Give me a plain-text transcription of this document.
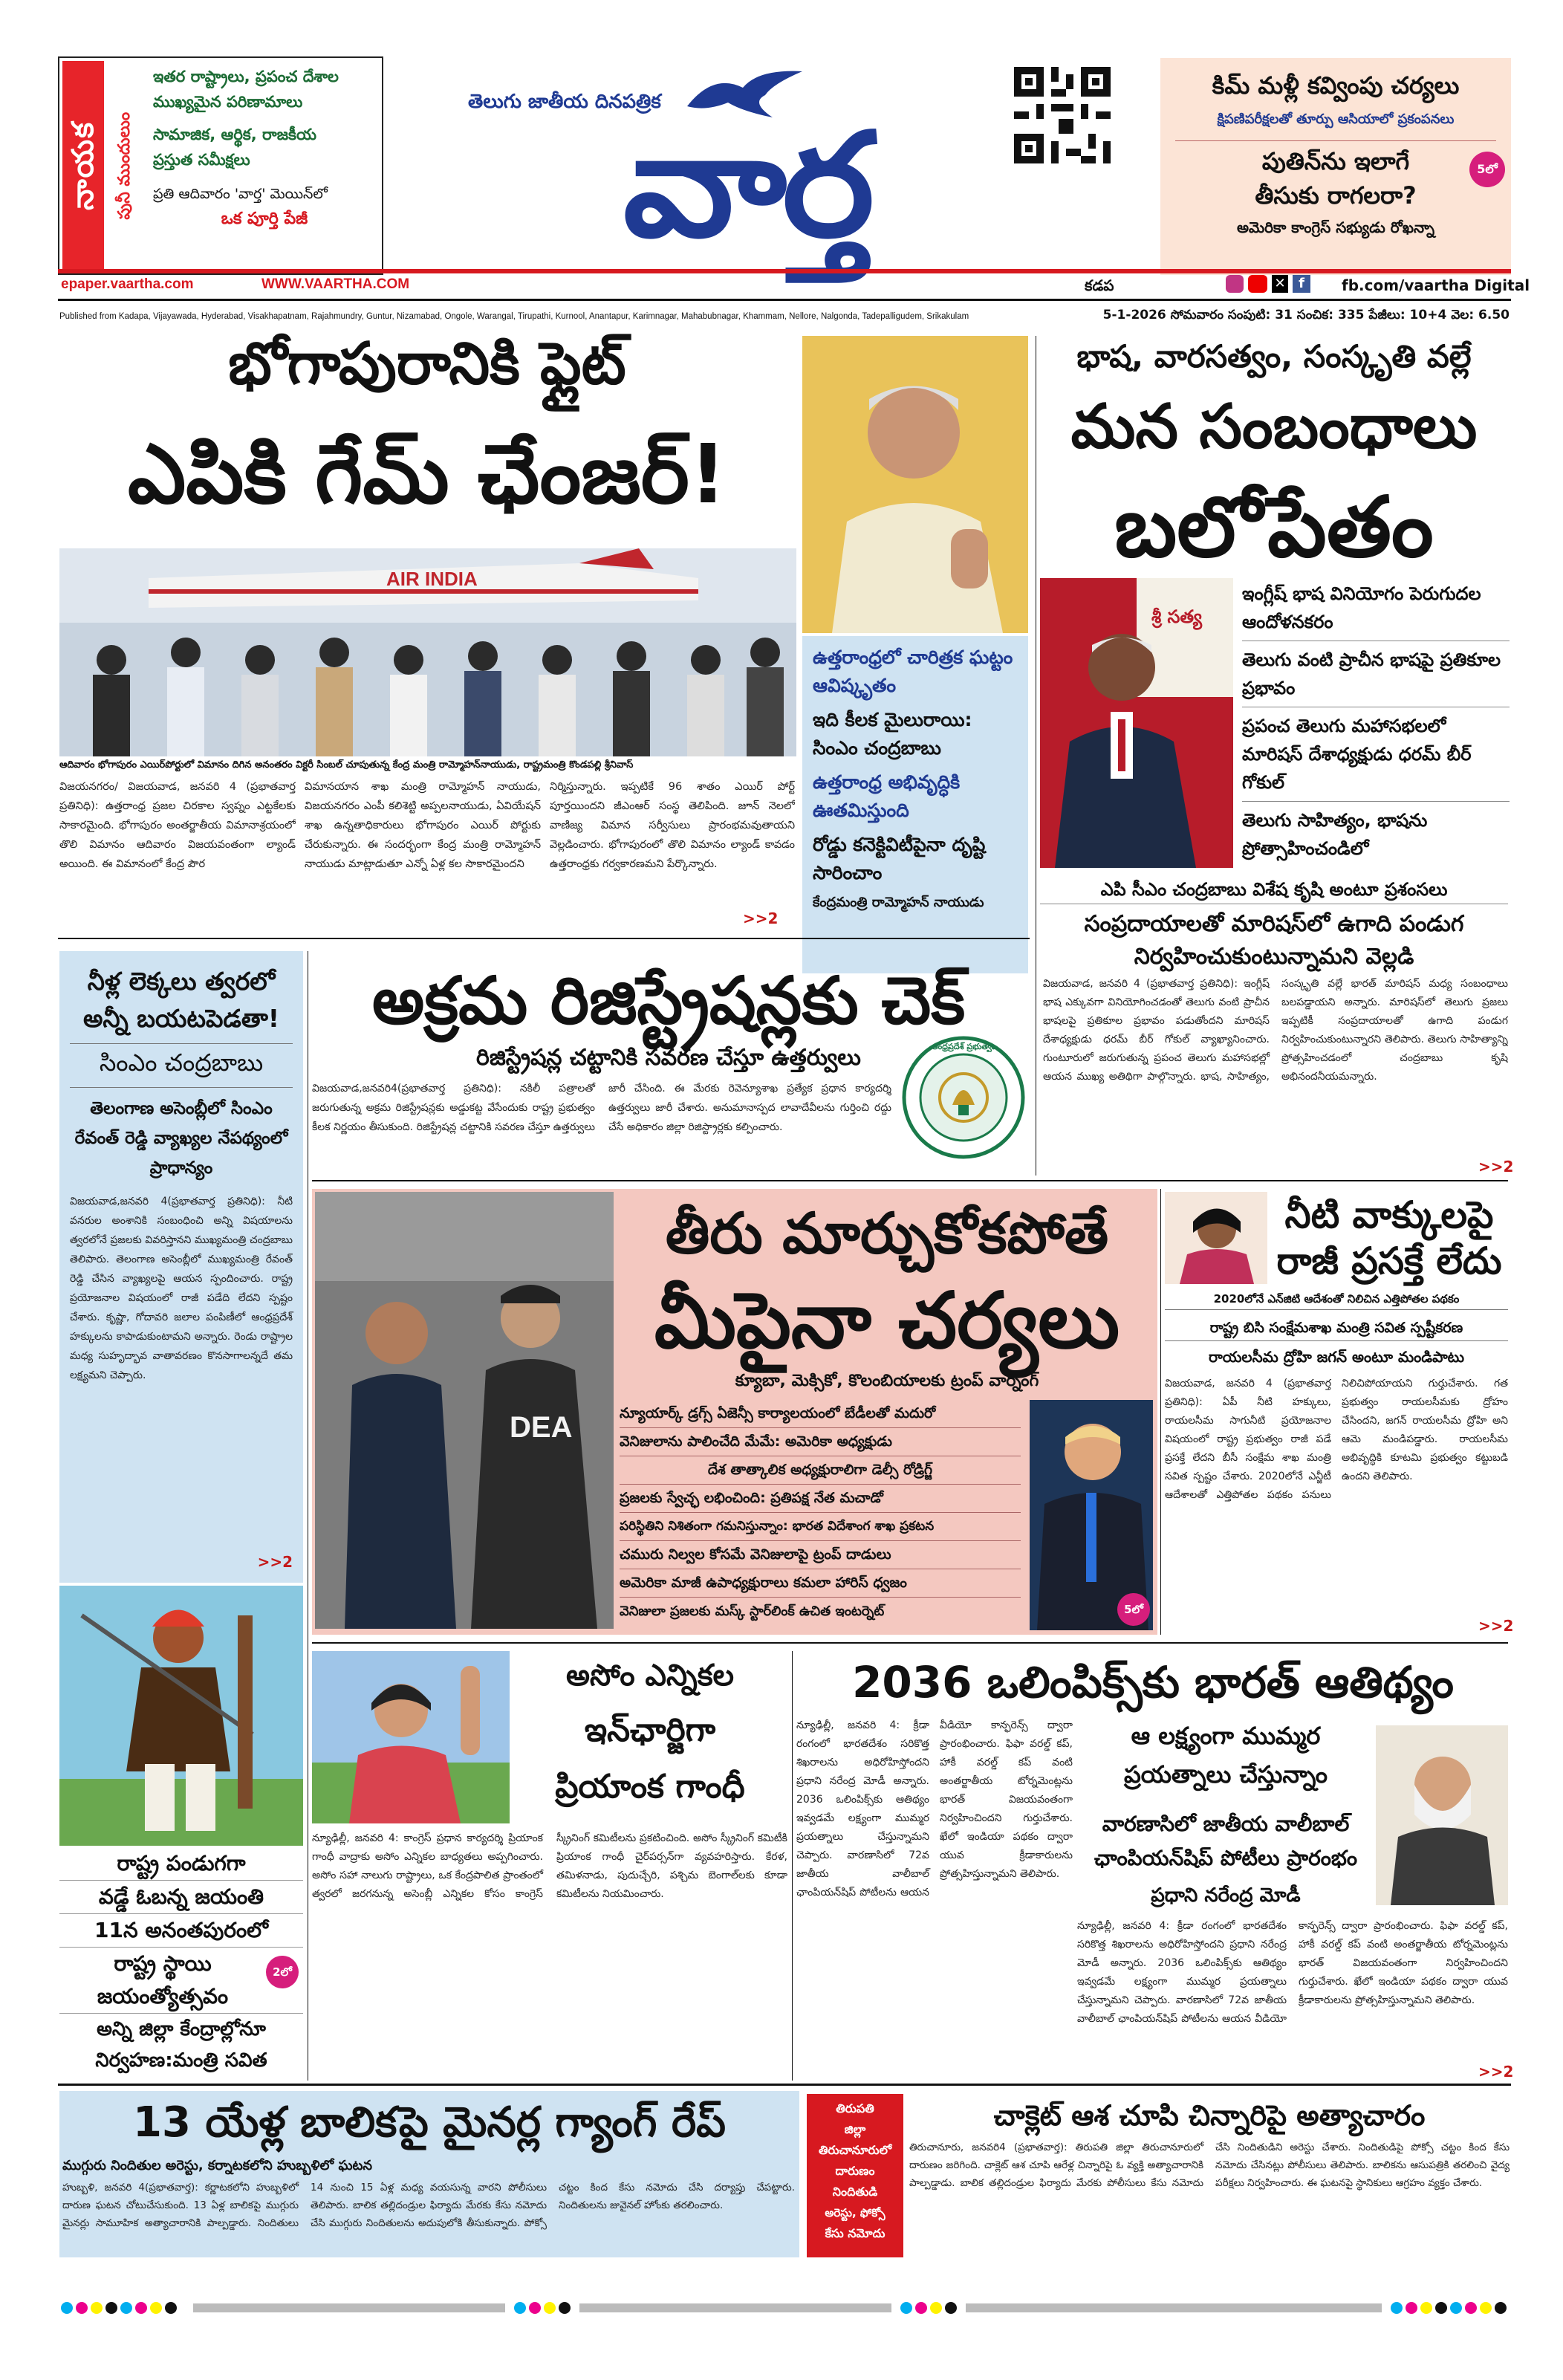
నాయక పునీ ముందులుం
ఇతర రాష్ట్రాలు, ప్రపంచ దేశాల
ముఖ్యమైన పరిణామాలు
సామాజిక, ఆర్థిక, రాజకీయ
ప్రస్తుత సమీక్షలు
ప్రతి ఆదివారం 'వార్త' మెయిన్‌లో
ఒక పూర్తి పేజీ
epaper.vaartha.com	WWW.VAARTHA.COM
తెలుగు జాతీయ దినపత్రిక
వార్త
కిమ్ మళ్లీ కవ్వింపు చర్యలు
క్షిపణిపరీక్షలతో తూర్పు ఆసియాలో ప్రకంపనలు
పుతిన్‌ను ఇలాగే
తీసుకు రాగలరా?
అమెరికా కాంగ్రెస్ సభ్యుడు రోఖన్నా
5లో
కడప	✕ f	fb.com/vaartha Digital
Published from Kadapa, Vijayawada, Hyderabad, Visakhapatnam, Rajahmundry, Guntur, Nizamabad, Ongole, Warangal, Tirupathi, Kurnool, Anantapur, Karimnagar, Mahabubnagar, Khammam, Nellore, Nalgonda, Tadepalligudem, Srikakulam	5-1-2026 సోమవారం సంపుటి: 31 సంచిక: 335 పేజీలు: 10+4 వెల: 6.50
భోగాపురానికి ఫ్లైట్
ఎపికి గేమ్ ఛేంజర్!
AIR INDIA
ఆదివారం భోగాపురం ఎయిర్‌పోర్టులో విమానం దిగిన అనంతరం విక్టరీ సింబల్ చూపుతున్న కేంద్ర మంత్రి రామ్మోహన్‌నాయుడు, రాష్ట్రమంత్రి కొండపల్లి శ్రీనివాస్
విజయనగరం/ విజయవాడ, జనవరి 4 (ప్రభాతవార్త ప్రతినిధి): ఉత్తరాంధ్ర ప్రజల చిరకాల స్వప్నం ఎట్టకేలకు సాకారమైంది. భోగాపురం అంతర్జాతీయ విమానాశ్రయంలో తొలి విమానం ఆదివారం విజయవంతంగా ల్యాండ్ అయింది. ఈ విమానంలో కేంద్ర పౌర
విమానయాన శాఖ మంత్రి రామ్మోహన్ నాయుడు, విజయనగరం ఎంపీ కలిశెట్టి అప్పలనాయుడు, ఏవియేషన్ శాఖ ఉన్నతాధికారులు భోగాపురం ఎయిర్ పోర్టుకు చేరుకున్నారు. ఈ సందర్భంగా కేంద్ర మంత్రి రామ్మోహన్ నాయుడు మాట్లాడుతూ ఎన్నో ఏళ్ల కల సాకారమైందని
నిర్మిస్తున్నారు. ఇప్పటికే 96 శాతం ఎయిర్ పోర్ట్ పూర్తయిందని జీఎంఆర్ సంస్థ తెలిపింది. జూన్ నెలలో వాణిజ్య విమాన సర్వీసులు ప్రారంభమవుతాయని వెల్లడించారు. భోగాపురంలో తొలి విమానం ల్యాండ్ కావడం ఉత్తరాంధ్రకు గర్వకారణమని పేర్కొన్నారు.
>>2
ఉత్తరాంధ్రలో చారిత్రక ఘట్టం ఆవిష్కృతం
ఇది కీలక మైలురాయి: సింఎం చంద్రబాబు
ఉత్తరాంధ్ర అభివృద్ధికి ఊతమిస్తుంది
రోడ్డు కనెక్టివిటీపైనా దృష్టి సారించాం
కేంద్రమంత్రి రామ్మోహన్ నాయుడు
భాష, వారసత్వం, సంస్కృతి వల్లే
మన సంబంధాలు
బలోపేతం
శ్రీ సత్య
ఇంగ్లీష్ భాష వినియోగం పెరుగుదల ఆందోళనకరం
తెలుగు వంటి ప్రాచీన భాషపై ప్రతికూల ప్రభావం
ప్రపంచ తెలుగు మహాసభలలో మారిషస్ దేశాధ్యక్షుడు ధరమ్ బీర్ గోకుల్
తెలుగు సాహిత్యం, భాషను ప్రోత్సాహించండిలో
ఎపి సీఎం చంద్రబాబు విశేష కృషి అంటూ ప్రశంసలు
సంప్రదాయాలతో మారిషస్‌లో ఉగాది పండుగ నిర్వహించుకుంటున్నామని వెల్లడి
విజయవాడ, జనవరి 4 (ప్రభాతవార్త ప్రతినిధి): ఇంగ్లీష్ భాష ఎక్కువగా వినియోగించడంతో తెలుగు వంటి ప్రాచీన భాషలపై ప్రతికూల ప్రభావం పడుతోందని మారిషస్ దేశాధ్యక్షుడు ధరమ్ బీర్ గోకుల్ వ్యాఖ్యానించారు. గుంటూరులో జరుగుతున్న ప్రపంచ తెలుగు మహాసభల్లో ఆయన ముఖ్య అతిథిగా పాల్గొన్నారు. భాష, సాహిత్యం, సంస్కృతి వల్లే భారత్ మారిషస్ మధ్య సంబంధాలు బలపడ్డాయని అన్నారు. మారిషస్‌లో తెలుగు ప్రజలు ఇప్పటికీ సంప్రదాయాలతో ఉగాది పండుగ నిర్వహించుకుంటున్నారని తెలిపారు. తెలుగు సాహిత్యాన్ని ప్రోత్సహించడంలో చంద్రబాబు కృషి అభినందనీయమన్నారు.
>>2
నీళ్ల లెక్కలు త్వరలో అన్నీ బయటపెడతా!
సింఎం చంద్రబాబు
తెలంగాణ అసెంబ్లీలో సింఎం రేవంత్ రెడ్డి వ్యాఖ్యల నేపథ్యంలో ప్రాధాన్యం
విజయవాడ,జనవరి 4(ప్రభాతవార్త ప్రతినిధి): నీటి వనరుల అంశానికి సంబంధించి అన్ని విషయాలను త్వరలోనే ప్రజలకు వివరిస్తానని ముఖ్యమంత్రి చంద్రబాబు తెలిపారు. తెలంగాణ అసెంబ్లీలో ముఖ్యమంత్రి రేవంత్ రెడ్డి చేసిన వ్యాఖ్యలపై ఆయన స్పందించారు. రాష్ట్ర ప్రయోజనాల విషయంలో రాజీ పడేది లేదని స్పష్టం చేశారు. కృష్ణా, గోదావరి జలాల పంపిణీలో ఆంధ్రప్రదేశ్ హక్కులను కాపాడుకుంటామని అన్నారు. రెండు రాష్ట్రాల మధ్య సుహృద్భావ వాతావరణం కొనసాగాలన్నదే తమ లక్ష్యమని చెప్పారు.
>>2
రాష్ట్ర పండుగగా
వడ్డే ఓబన్న జయంతి
11న అనంతపురంలో
రాష్ట్ర స్థాయి జయంత్యోత్సవం
అన్ని జిల్లా కేంద్రాల్లోనూ నిర్వహణ:మంత్రి సవిత
2లో
అక్రమ రిజిస్ట్రేషన్లకు చెక్
రిజిస్ట్రేషన్ల చట్టానికి సవరణ చేస్తూ ఉత్తర్వులు
విజయవాడ,జనవరి4(ప్రభాతవార్త ప్రతినిధి): నకిలీ పత్రాలతో జరుగుతున్న అక్రమ రిజిస్ట్రేషన్లకు అడ్డుకట్ట వేసేందుకు రాష్ట్ర ప్రభుత్వం కీలక నిర్ణయం తీసుకుంది. రిజిస్ట్రేషన్ల చట్టానికి సవరణ చేస్తూ ఉత్తర్వులు జారీ చేసింది. ఈ మేరకు రెవెన్యూశాఖ ప్రత్యేక ప్రధాన కార్యదర్శి ఉత్తర్వులు జారీ చేశారు. అనుమానాస్పద లావాదేవీలను గుర్తించి రద్దు చేసే అధికారం జిల్లా రిజిస్ట్రార్లకు కల్పించారు.
ఆంధ్రప్రదేశ్ ప్రభుత్వం
DEA
తీరు మార్చుకోకపోతే
మీపైనా చర్యలు
క్యూబా, మెక్సికో, కొలంబియాలకు ట్రంప్ వార్నింగ్
న్యూయార్క్ డ్రగ్స్ ఏజెన్సీ కార్యాలయంలో బేడీలతో మదురో
వెనిజులాను పాలించేది మేమే: అమెరికా అధ్యక్షుడు
దేశ తాత్కాలిక అధ్యక్షురాలిగా డెల్సీ రోడ్రిగ్జ్
ప్రజలకు స్వేచ్ఛ లభించింది: ప్రతిపక్ష నేత మచాడో
పరిస్థితిని నిశితంగా గమనిస్తున్నాం: భారత విదేశాంగ శాఖ ప్రకటన
చమురు నిల్వల కోసమే వెనిజులాపై ట్రంప్ దాడులు
అమెరికా మాజీ ఉపాధ్యక్షురాలు కమలా హారిస్ ధ్వజం
వెనిజులా ప్రజలకు మస్క్ స్టార్‌లింక్ ఉచిత ఇంటర్నెట్	5లో
నీటి వాక్కులపై
రాజీ ప్రసక్తే లేదు
2020లోనే ఎన్‌జిటి ఆదేశంతో నిలిచిన ఎత్తిపోతల పథకం
రాష్ట్ర బిసి సంక్షేమశాఖ మంత్రి సవిత స్పష్టీకరణ
రాయలసీమ ద్రోహి జగన్ అంటూ మండిపాటు
విజయవాడ, జనవరి 4 (ప్రభాతవార్త ప్రతినిధి): ఏపీ నీటి హక్కులు, రాయలసీమ సాగునీటి ప్రయోజనాల విషయంలో రాష్ట్ర ప్రభుత్వం రాజీ పడే ప్రసక్తే లేదని బీసీ సంక్షేమ శాఖ మంత్రి సవిత స్పష్టం చేశారు. 2020లోనే ఎన్జీటీ ఆదేశాలతో ఎత్తిపోతల పథకం పనులు నిలిచిపోయాయని గుర్తుచేశారు. గత ప్రభుత్వం రాయలసీమకు ద్రోహం చేసిందని, జగన్ రాయలసీమ ద్రోహి అని ఆమె మండిపడ్డారు. రాయలసీమ అభివృద్ధికి కూటమి ప్రభుత్వం కట్టుబడి ఉందని తెలిపారు.
>>2
అసోం ఎన్నికల
ఇన్‌ఛార్జిగా
ప్రియాంక గాంధీ
న్యూఢిల్లీ, జనవరి 4: కాంగ్రెస్ ప్రధాన కార్యదర్శి ప్రియాంక గాంధీ వాద్రాకు అసోం ఎన్నికల బాధ్యతలు అప్పగించారు. అసోం సహా నాలుగు రాష్ట్రాలు, ఒక కేంద్రపాలిత ప్రాంతంలో త్వరలో జరగనున్న అసెంబ్లీ ఎన్నికల కోసం కాంగ్రెస్ స్క్రీనింగ్ కమిటీలను ప్రకటించింది. అసోం స్క్రీనింగ్ కమిటీకి ప్రియాంక గాంధీ చైర్‌పర్సన్‌గా వ్యవహరిస్తారు. కేరళ, తమిళనాడు, పుదుచ్చేరి, పశ్చిమ బెంగాల్‌లకు కూడా కమిటీలను నియమించారు.
2036 ఒలింపిక్స్‌కు భారత్ ఆతిథ్యం
ఆ లక్ష్యంగా ముమ్మర ప్రయత్నాలు చేస్తున్నాం
వారణాసిలో జాతీయ వాలీబాల్ ఛాంపియన్‌షిప్ పోటీలు ప్రారంభం
ప్రధాని నరేంద్ర మోడీ
న్యూఢిల్లీ, జనవరి 4: క్రీడా రంగంలో భారతదేశం సరికొత్త శిఖరాలను అధిరోహిస్తోందని ప్రధాని నరేంద్ర మోడీ అన్నారు. 2036 ఒలింపిక్స్‌కు ఆతిథ్యం ఇవ్వడమే లక్ష్యంగా ముమ్మర ప్రయత్నాలు చేస్తున్నామని చెప్పారు. వారణాసిలో 72వ జాతీయ వాలీబాల్ ఛాంపియన్‌షిప్ పోటీలను ఆయన వీడియో కాన్ఫరెన్స్ ద్వారా ప్రారంభించారు. ఫిఫా వరల్డ్ కప్, హాకీ వరల్డ్ కప్ వంటి అంతర్జాతీయ టోర్నమెంట్లను భారత్ విజయవంతంగా నిర్వహించిందని గుర్తుచేశారు. ఖేలో ఇండియా పథకం ద్వారా యువ క్రీడాకారులను ప్రోత్సహిస్తున్నామని తెలిపారు.
న్యూఢిల్లీ, జనవరి 4: క్రీడా రంగంలో భారతదేశం సరికొత్త శిఖరాలను అధిరోహిస్తోందని ప్రధాని నరేంద్ర మోడీ అన్నారు. 2036 ఒలింపిక్స్‌కు ఆతిథ్యం ఇవ్వడమే లక్ష్యంగా ముమ్మర ప్రయత్నాలు చేస్తున్నామని చెప్పారు. వారణాసిలో 72వ జాతీయ వాలీబాల్ ఛాంపియన్‌షిప్ పోటీలను ఆయన వీడియో కాన్ఫరెన్స్ ద్వారా ప్రారంభించారు. ఫిఫా వరల్డ్ కప్, హాకీ వరల్డ్ కప్ వంటి అంతర్జాతీయ టోర్నమెంట్లను భారత్ విజయవంతంగా నిర్వహించిందని గుర్తుచేశారు. ఖేలో ఇండియా పథకం ద్వారా యువ క్రీడాకారులను ప్రోత్సహిస్తున్నామని తెలిపారు.
>>2
13 యేళ్ల బాలికపై మైనర్ల గ్యాంగ్ రేప్
ముగ్గురు నిందితుల అరెస్టు, కర్నాటకలోని హుబ్బళిలో ఘటన
హుబ్బళి, జనవరి 4(ప్రభాతవార్త): కర్ణాటకలోని హుబ్బళిలో దారుణ ఘటన చోటుచేసుకుంది. 13 ఏళ్ల బాలికపై ముగ్గురు మైనర్లు సామూహిక అత్యాచారానికి పాల్పడ్డారు. నిందితులు 14 నుంచి 15 ఏళ్ల మధ్య వయసున్న వారని పోలీసులు తెలిపారు. బాలిక తల్లిదండ్రుల ఫిర్యాదు మేరకు కేసు నమోదు చేసి ముగ్గురు నిందితులను అదుపులోకి తీసుకున్నారు. పోక్సో చట్టం కింద కేసు నమోదు చేసి దర్యాప్తు చేపట్టారు. నిందితులను జువైనల్ హోంకు తరలించారు.
తిరుపతి
జిల్లా
తిరుచానూరులో
దారుణం
నిందితుడి
అరెస్టు, ఫోక్సో
కేసు నమోదు
చాక్లెట్ ఆశ చూపి చిన్నారిపై అత్యాచారం
తిరుచానూరు, జనవరి4 (ప్రభాతవార్త): తిరుపతి జిల్లా తిరుచానూరులో దారుణం జరిగింది. చాక్లెట్ ఆశ చూపి ఆరేళ్ల చిన్నారిపై ఓ వ్యక్తి అత్యాచారానికి పాల్పడ్డాడు. బాలిక తల్లిదండ్రుల ఫిర్యాదు మేరకు పోలీసులు కేసు నమోదు చేసి నిందితుడిని అరెస్టు చేశారు. నిందితుడిపై పోక్సో చట్టం కింద కేసు నమోదు చేసినట్లు పోలీసులు తెలిపారు. బాలికను ఆసుపత్రికి తరలించి వైద్య పరీక్షలు నిర్వహించారు. ఈ ఘటనపై స్థానికులు ఆగ్రహం వ్యక్తం చేశారు.
